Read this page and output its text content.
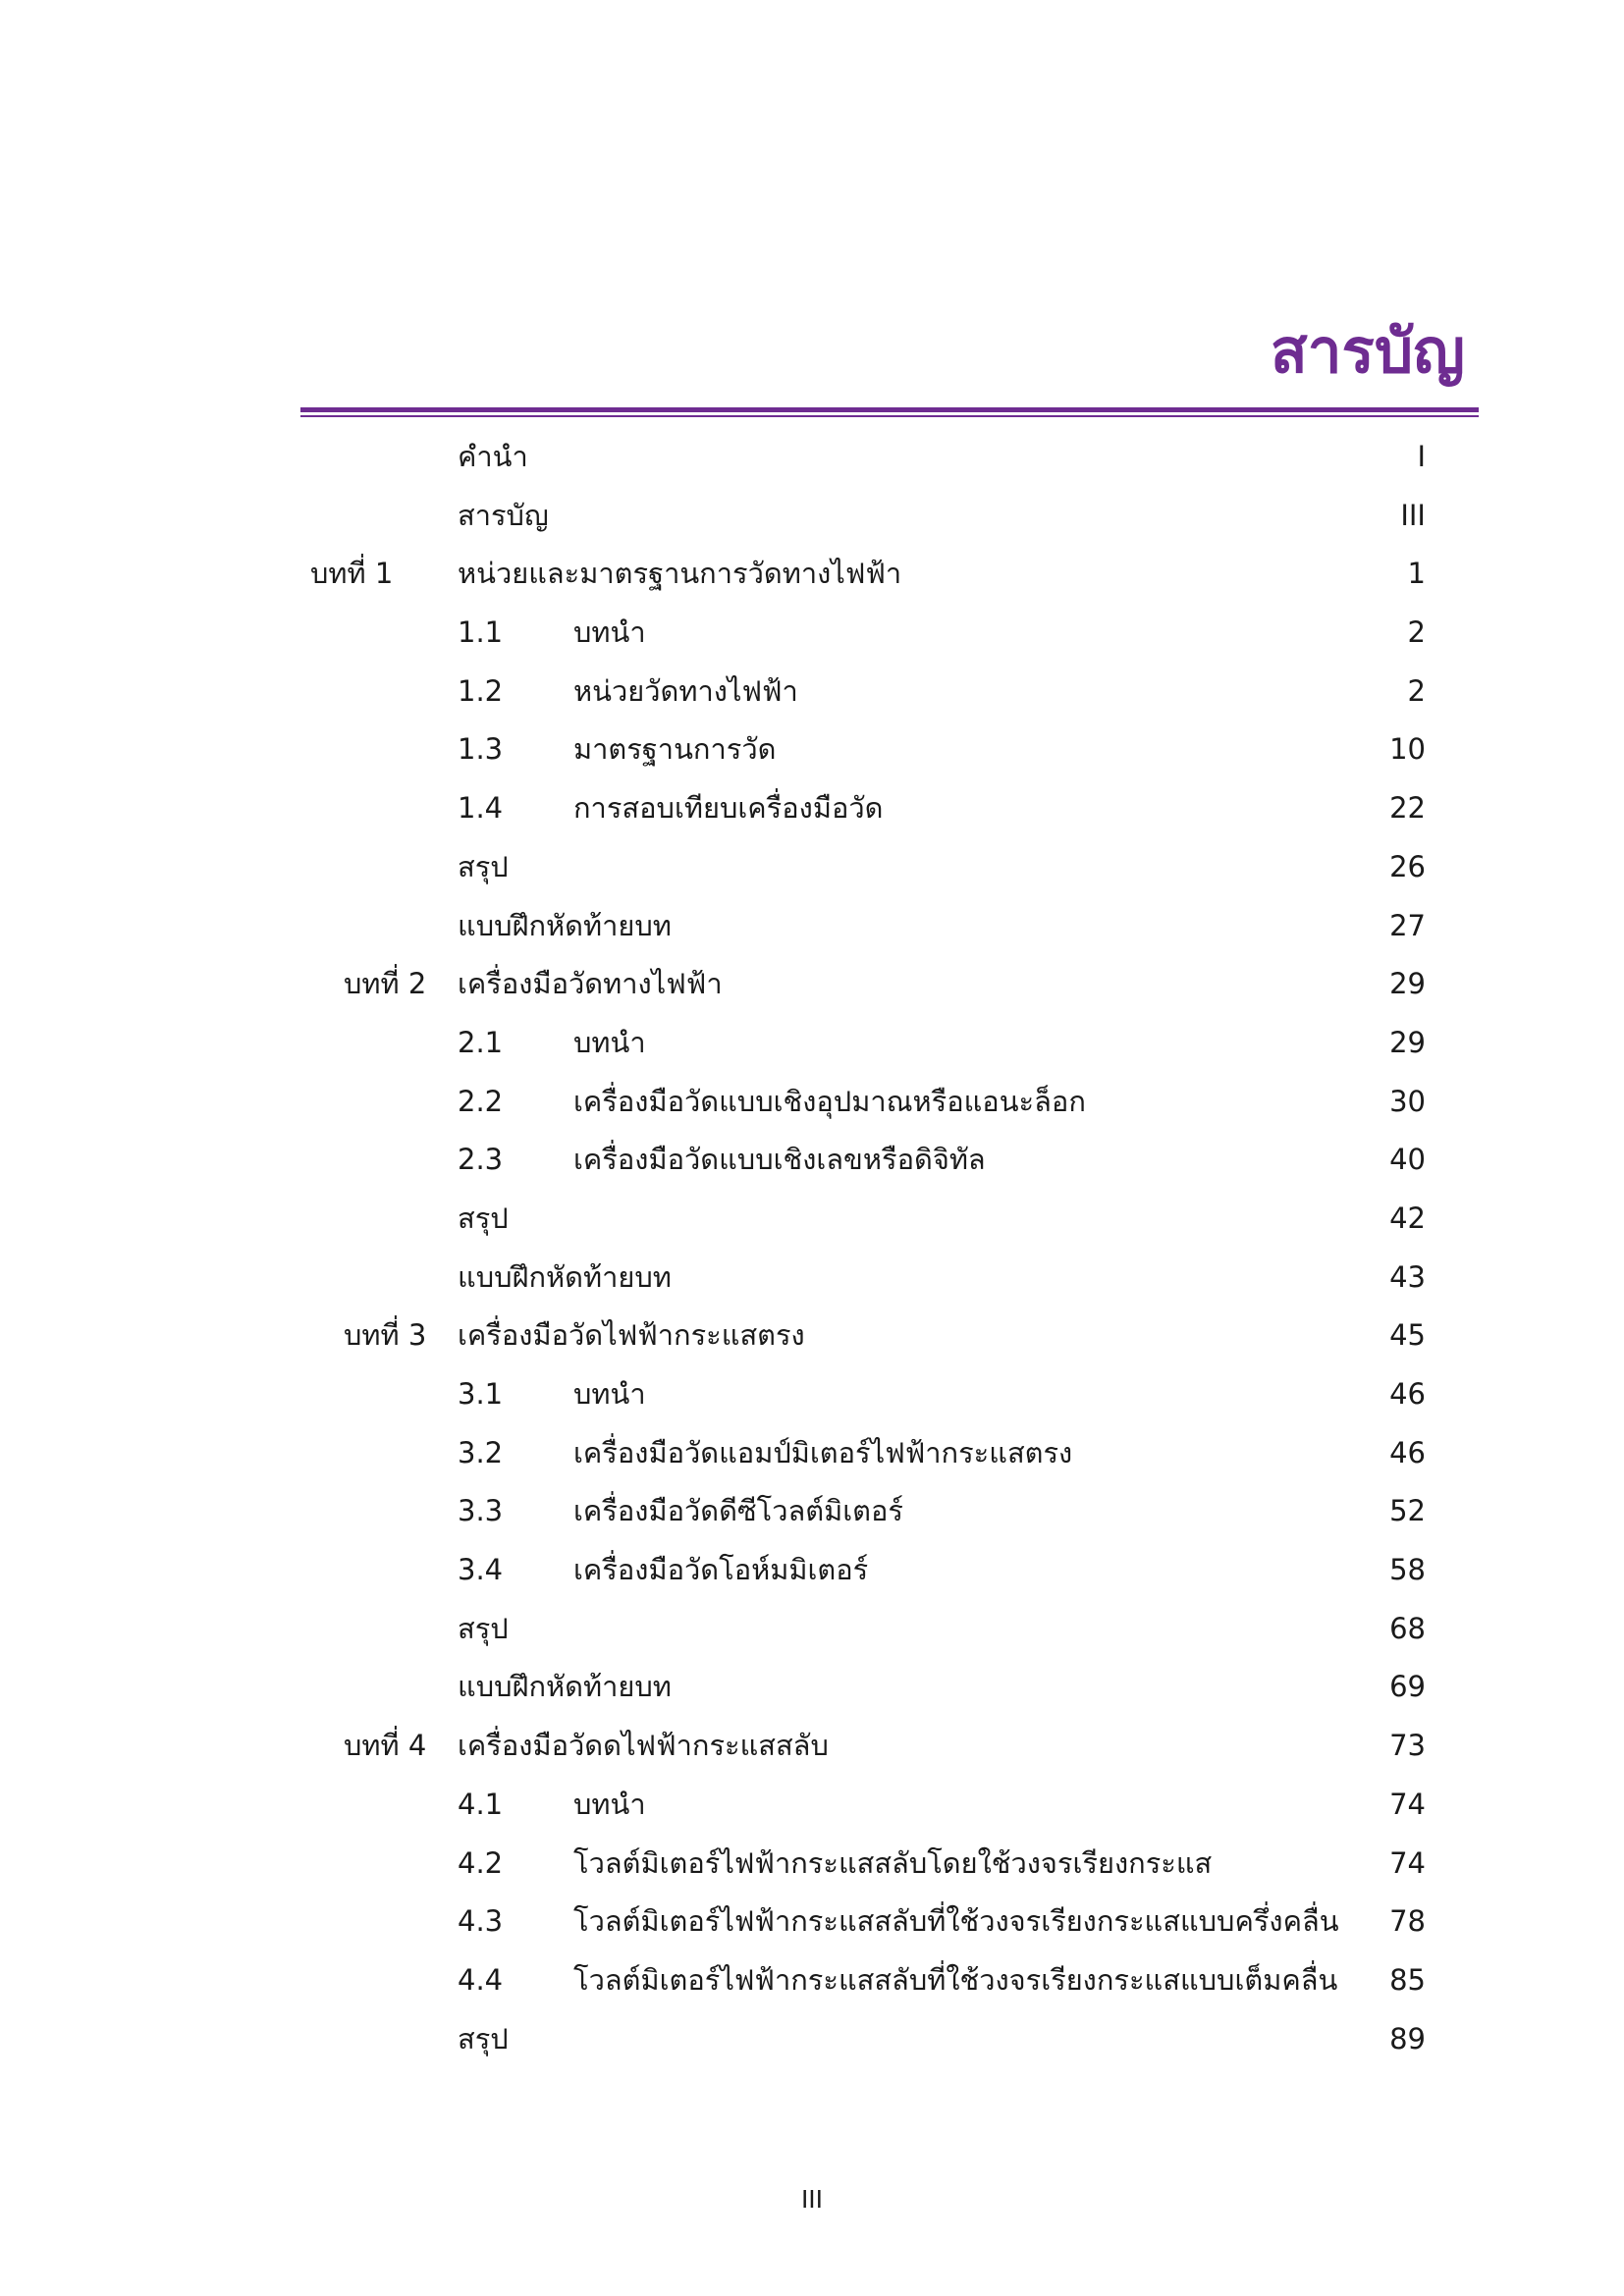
สารบัญ
คำนำ	I
สารบัญ	III
บทที่ 1 หน่วยและมาตรฐานการวัดทางไฟฟ้า	1
1.1 บทนำ	2
1.2 หน่วยวัดทางไฟฟ้า	2
1.3 มาตรฐานการวัด	10
1.4 การสอบเทียบเครื่องมือวัด	22
สรุป	26
แบบฝึกหัดท้ายบท	27
บทที่ 2 เครื่องมือวัดทางไฟฟ้า	29
2.1 บทนำ	29
2.2 เครื่องมือวัดแบบเชิงอุปมาณหรือแอนะล็อก	30
2.3 เครื่องมือวัดแบบเชิงเลขหรือดิจิทัล	40
สรุป	42
แบบฝึกหัดท้ายบท	43
บทที่ 3 เครื่องมือวัดไฟฟ้ากระแสตรง	45
3.1 บทนำ	46
3.2 เครื่องมือวัดแอมป์มิเตอร์ไฟฟ้ากระแสตรง	46
3.3 เครื่องมือวัดดีซีโวลต์มิเตอร์	52
3.4 เครื่องมือวัดโอห์มมิเตอร์	58
สรุป	68
แบบฝึกหัดท้ายบท	69
บทที่ 4 เครื่องมือวัดดไฟฟ้ากระแสสลับ	73
4.1 บทนำ	74
4.2 โวลต์มิเตอร์ไฟฟ้ากระแสสลับโดยใช้วงจรเรียงกระแส	74
4.3 โวลต์มิเตอร์ไฟฟ้ากระแสสลับที่ใช้วงจรเรียงกระแสแบบครึ่งคลื่น 78
4.4 โวลต์มิเตอร์ไฟฟ้ากระแสสลับที่ใช้วงจรเรียงกระแสแบบเต็มคลื่น 85
สรุป	89
III
